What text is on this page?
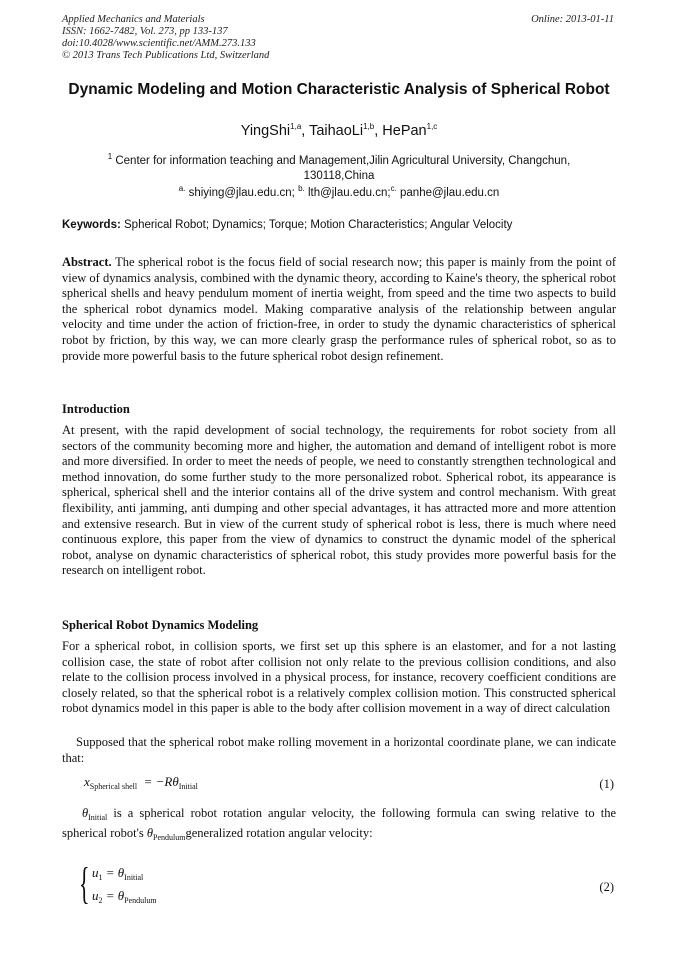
Applied Mechanics and Materials
ISSN: 1662-7482, Vol. 273, pp 133-137
doi:10.4028/www.scientific.net/AMM.273.133
© 2013 Trans Tech Publications Ltd, Switzerland
Online: 2013-01-11
Dynamic Modeling and Motion Characteristic Analysis of Spherical Robot
YingShi$^{1,a}$, TaihaoLi$^{1,b}$, HePan$^{1,c}$
$^1$ Center for information teaching and Management,Jilin Agricultural University, Changchun, 130118,China
$^{a.}$ shiying@jlau.edu.cn; $^{b.}$ lth@jlau.edu.cn;$^{c.}$ panhe@jlau.edu.cn
Keywords: Spherical Robot; Dynamics; Torque; Motion Characteristics; Angular Velocity
Abstract. The spherical robot is the focus field of social research now; this paper is mainly from the point of view of dynamics analysis, combined with the dynamic theory, according to Kaine's theory, the spherical robot spherical shells and heavy pendulum moment of inertia weight, from speed and the time two aspects to build the spherical robot dynamics model. Making comparative analysis of the relationship between angular velocity and time under the action of friction-free, in order to study the dynamic characteristics of spherical robot by friction, by this way, we can more clearly grasp the performance rules of spherical robot, so as to provide more powerful basis to the future spherical robot design refinement.
Introduction
At present, with the rapid development of social technology, the requirements for robot society from all sectors of the community becoming more and higher, the automation and demand of intelligent robot is more and more diversified. In order to meet the needs of people, we need to constantly strengthen technological and method innovation, do some further study to the more personalized robot. Spherical robot, its appearance is spherical, spherical shell and the interior contains all of the drive system and control mechanism. With great flexibility, anti jamming, anti dumping and other special advantages, it has attracted more and more attention and extensive research. But in view of the current study of spherical robot is less, there is much where need continuous explore, this paper from the view of dynamics to construct the dynamic model of the spherical robot, analyse on dynamic characteristics of spherical robot, this study provides more powerful basis for the research on intelligent robot.
Spherical Robot Dynamics Modeling
For a spherical robot, in collision sports, we first set up this sphere is an elastomer, and for a not lasting collision case, the state of robot after collision not only relate to the previous collision conditions, and also relate to the collision process involved in a physical process, for instance, recovery coefficient conditions are closely related, so that the spherical robot is a relatively complex collision motion. This constructed spherical robot dynamics model in this paper is able to the body after collision movement in a way of direct calculation
Supposed that the spherical robot make rolling movement in a horizontal coordinate plane, we can indicate that:
$x_{Spherical shell} = -R\theta_{Initial}$	(1)
$\theta_{Initial}$ is a spherical robot rotation angular velocity, the following formula can swing relative to the spherical robot's $\theta_{Pendulum}generalized$ rotation angular velocity:
{ $u_1 = \theta_{Initial}$
$u_2 = \theta_{Pendulum}$
(2)
